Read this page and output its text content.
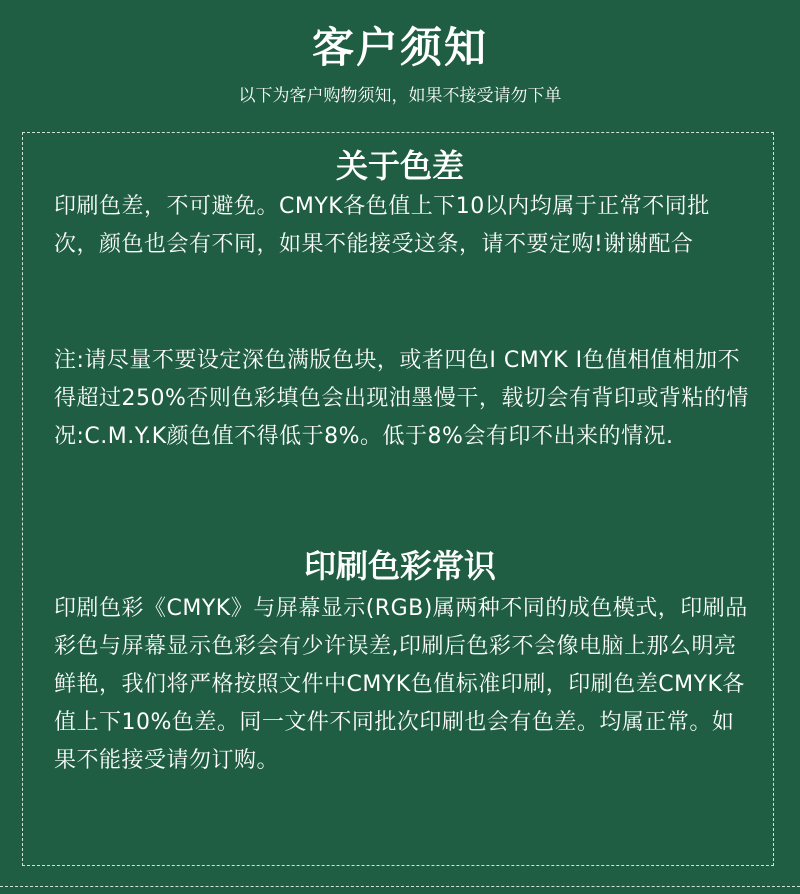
客户须知
以下为客户购物须知，如果不接受请勿下单
关于色差
印刷色差，不可避免。CMYK各色值上下10以内均属于正常不同批次，颜色也会有不同，如果不能接受这条，请不要定购!谢谢配合
注:请尽量不要设定深色满版色块，或者四色I CMYK I色值相值相加不得超过250%否则色彩填色会出现油墨慢干，载切会有背印或背粘的情况:C.M.Y.K颜色值不得低于8%。低于8%会有印不出来的情况.
印刷色彩常识
印剧色彩《CMYK》与屏幕显示(RGB)属两种不同的成色模式，印刷品彩色与屏幕显示色彩会有少许误差,印刷后色彩不会像电脑上那么明亮鲜艳，我们将严格按照文件中CMYK色值标准印刷，印刷色差CMYK各值上下10%色差。同一文件不同批次印刷也会有色差。均属正常。如果不能接受请勿订购。
